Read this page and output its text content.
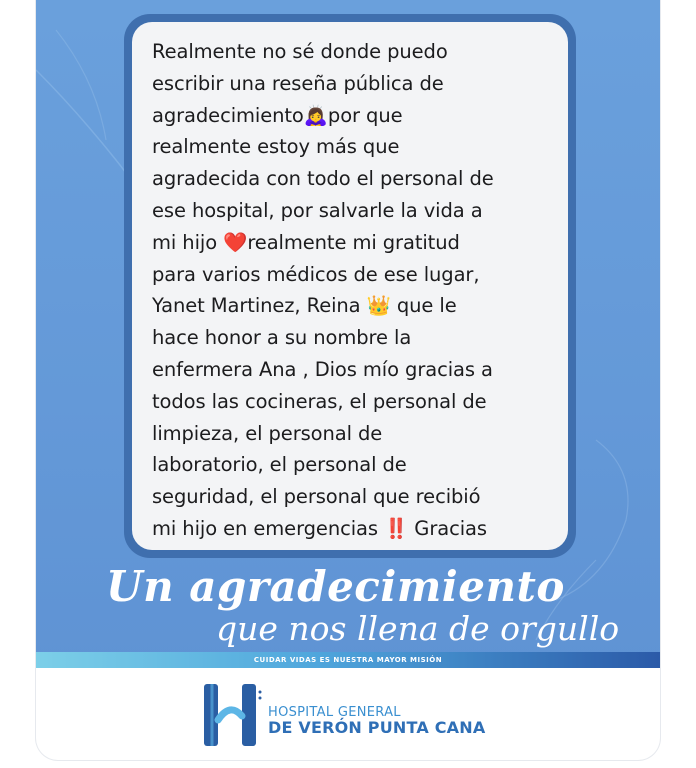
Realmente no sé donde puedo
escribir una reseña pública de
agradecimiento🙇‍♀️por que
realmente estoy más que
agradecida con todo el personal de
ese hospital, por salvarle la vida a
mi hijo ❤️realmente mi gratitud
para varios médicos de ese lugar,
Yanet Martinez, Reina 👑 que le
hace honor a su nombre la
enfermera Ana , Dios mío gracias a
todos las cocineras, el personal de
limpieza, el personal de
laboratorio, el personal de
seguridad, el personal que recibió
mi hijo en emergencias ‼️ Gracias
Un agradecimiento
que nos llena de orgullo
CUIDAR VIDAS ES NUESTRA MAYOR MISIÓN
HOSPITAL GENERAL
DE VERÓN PUNTA CANA
